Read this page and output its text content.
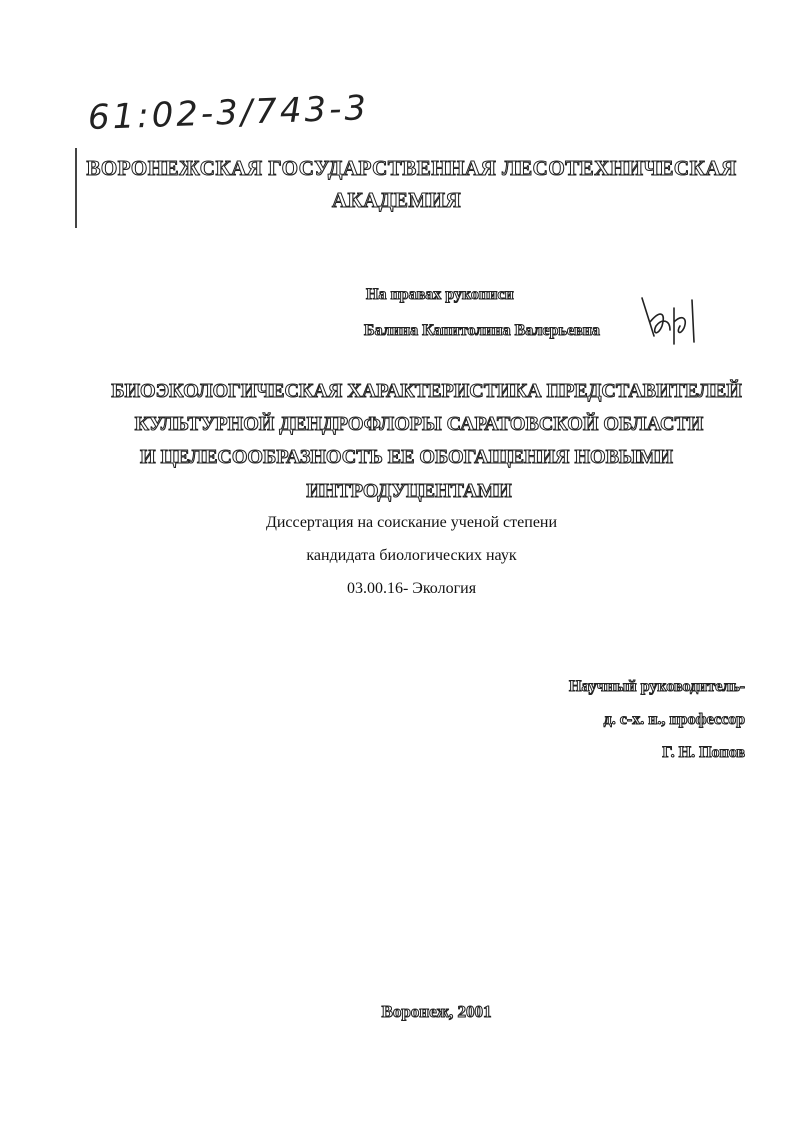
61:02-3/743-3
ВОРОНЕЖСКАЯ ГОСУДАРСТВЕННАЯ ЛЕСОТЕХНИЧЕСКАЯ
АКАДЕМИЯ
На правах рукописи
Балина Капитолина Валерьевна
БИОЭКОЛОГИЧЕСКАЯ ХАРАКТЕРИСТИКА ПРЕДСТАВИТЕЛЕЙ
КУЛЬТУРНОЙ ДЕНДРОФЛОРЫ САРАТОВСКОЙ ОБЛАСТИ
И ЦЕЛЕСООБРАЗНОСТЬ ЕЕ ОБОГАЩЕНИЯ НОВЫМИ
ИНТРОДУЦЕНТАМИ
Диссертация на соискание ученой степени
кандидата биологических наук
03.00.16- Экология
Научный руководитель-
д. с-х. н., профессор
Г. Н. Попов
Воронеж, 2001
